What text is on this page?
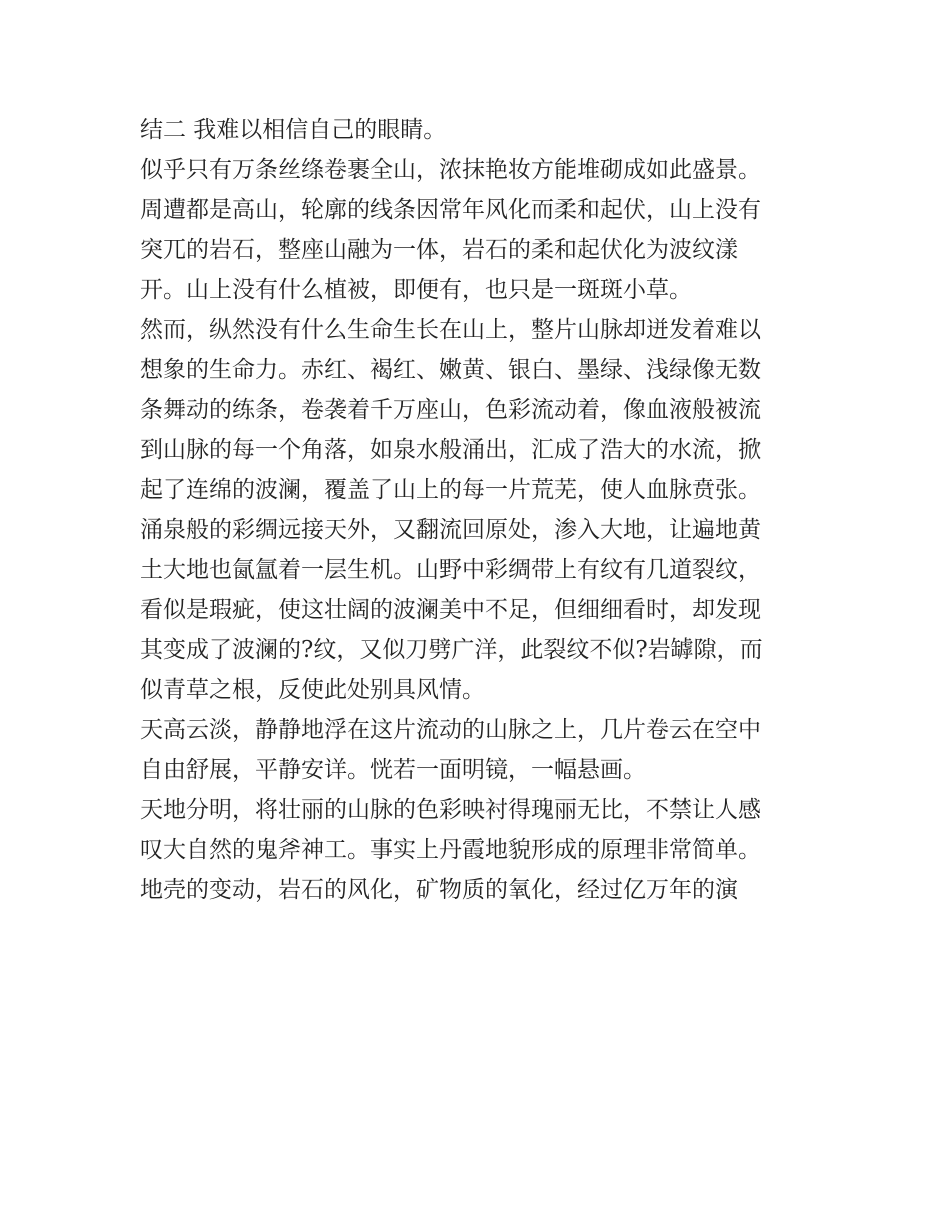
结二 我难以相信自己的眼睛。
似乎只有万条丝绦卷裹全山，浓抹艳妆方能堆砌成如此盛景。
周遭都是高山，轮廓的线条因常年风化而柔和起伏，山上没有
突兀的岩石，整座山融为一体，岩石的柔和起伏化为波纹漾
开。山上没有什么植被，即便有，也只是一斑斑小草。
然而，纵然没有什么生命生长在山上，整片山脉却迸发着难以
想象的生命力。赤红、褐红、嫩黄、银白、墨绿、浅绿像无数
条舞动的练条，卷袭着千万座山，色彩流动着，像血液般被流
到山脉的每一个角落，如泉水般涌出，汇成了浩大的水流，掀
起了连绵的波澜，覆盖了山上的每一片荒芜，使人血脉贲张。
涌泉般的彩绸远接天外，又翻流回原处，渗入大地，让遍地黄
土大地也氤氲着一层生机。山野中彩绸带上有纹有几道裂纹，
看似是瑕疵，使这壮阔的波澜美中不足，但细细看时，却发现
其变成了波澜的?纹，又似刀劈广洋，此裂纹不似?岩罅隙，而
似青草之根，反使此处别具风情。
天高云淡，静静地浮在这片流动的山脉之上，几片卷云在空中
自由舒展，平静安详。恍若一面明镜，一幅悬画。
天地分明，将壮丽的山脉的色彩映衬得瑰丽无比，不禁让人感
叹大自然的鬼斧神工。事实上丹霞地貌形成的原理非常简单。
地壳的变动，岩石的风化，矿物质的氧化，经过亿万年的演
